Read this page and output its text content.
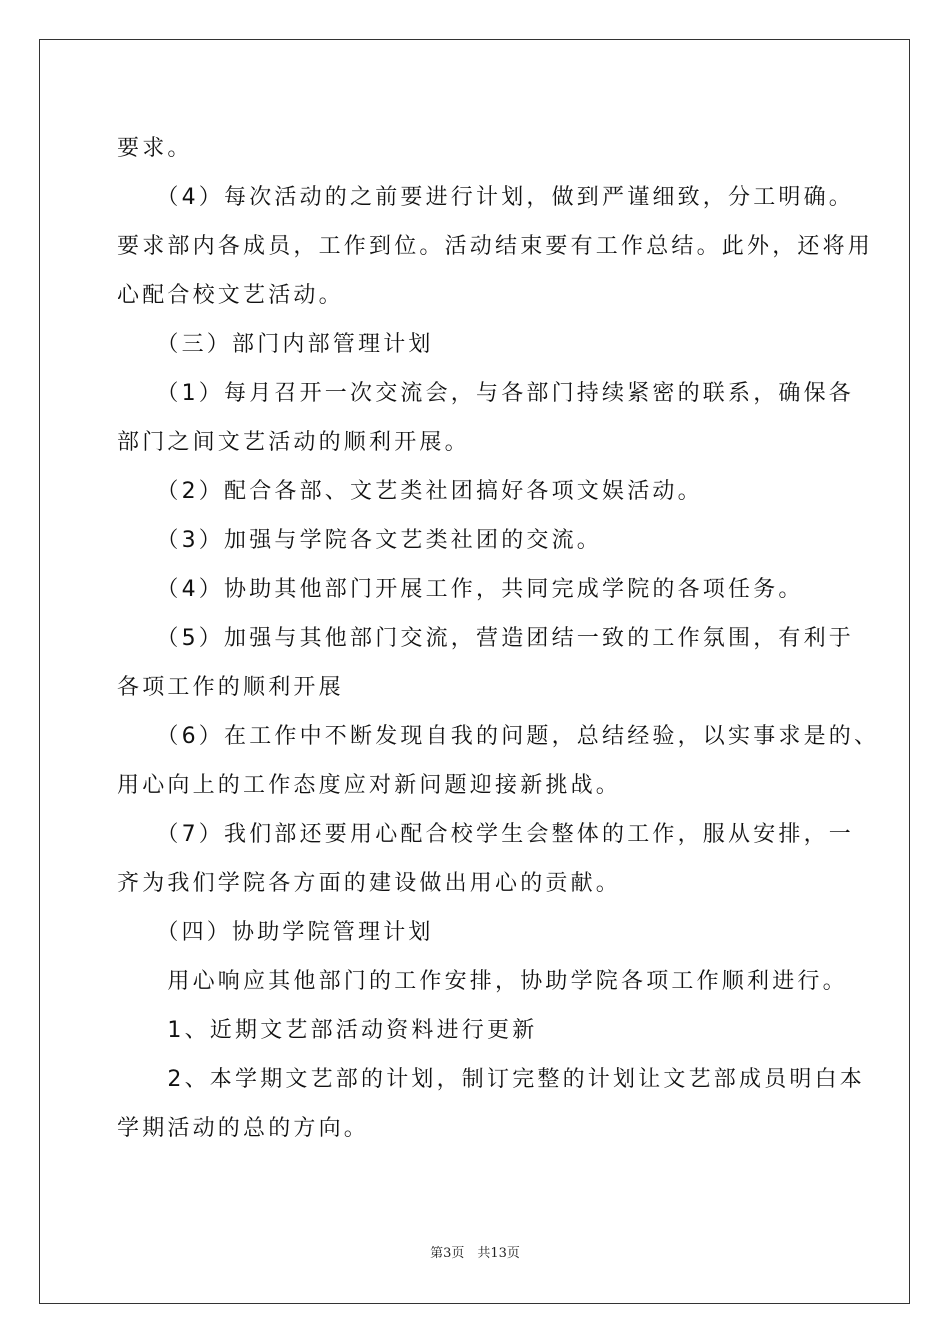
要求。
　　（4）每次活动的之前要进行计划，做到严谨细致，分工明确。
要求部内各成员，工作到位。活动结束要有工作总结。此外，还将用
心配合校文艺活动。
　　（三）部门内部管理计划
　　（1）每月召开一次交流会，与各部门持续紧密的联系，确保各
部门之间文艺活动的顺利开展。
　　（2）配合各部、文艺类社团搞好各项文娱活动。
　　（3）加强与学院各文艺类社团的交流。
　　（4）协助其他部门开展工作，共同完成学院的各项任务。
　　（5）加强与其他部门交流，营造团结一致的工作氛围，有利于
各项工作的顺利开展
　　（6）在工作中不断发现自我的问题，总结经验，以实事求是的、
用心向上的工作态度应对新问题迎接新挑战。
　　（7）我们部还要用心配合校学生会整体的工作，服从安排，一
齐为我们学院各方面的建设做出用心的贡献。
　　（四）协助学院管理计划
　　用心响应其他部门的工作安排，协助学院各项工作顺利进行。
　　1、近期文艺部活动资料进行更新
　　2、本学期文艺部的计划，制订完整的计划让文艺部成员明白本
学期活动的总的方向。
第3页　共13页
